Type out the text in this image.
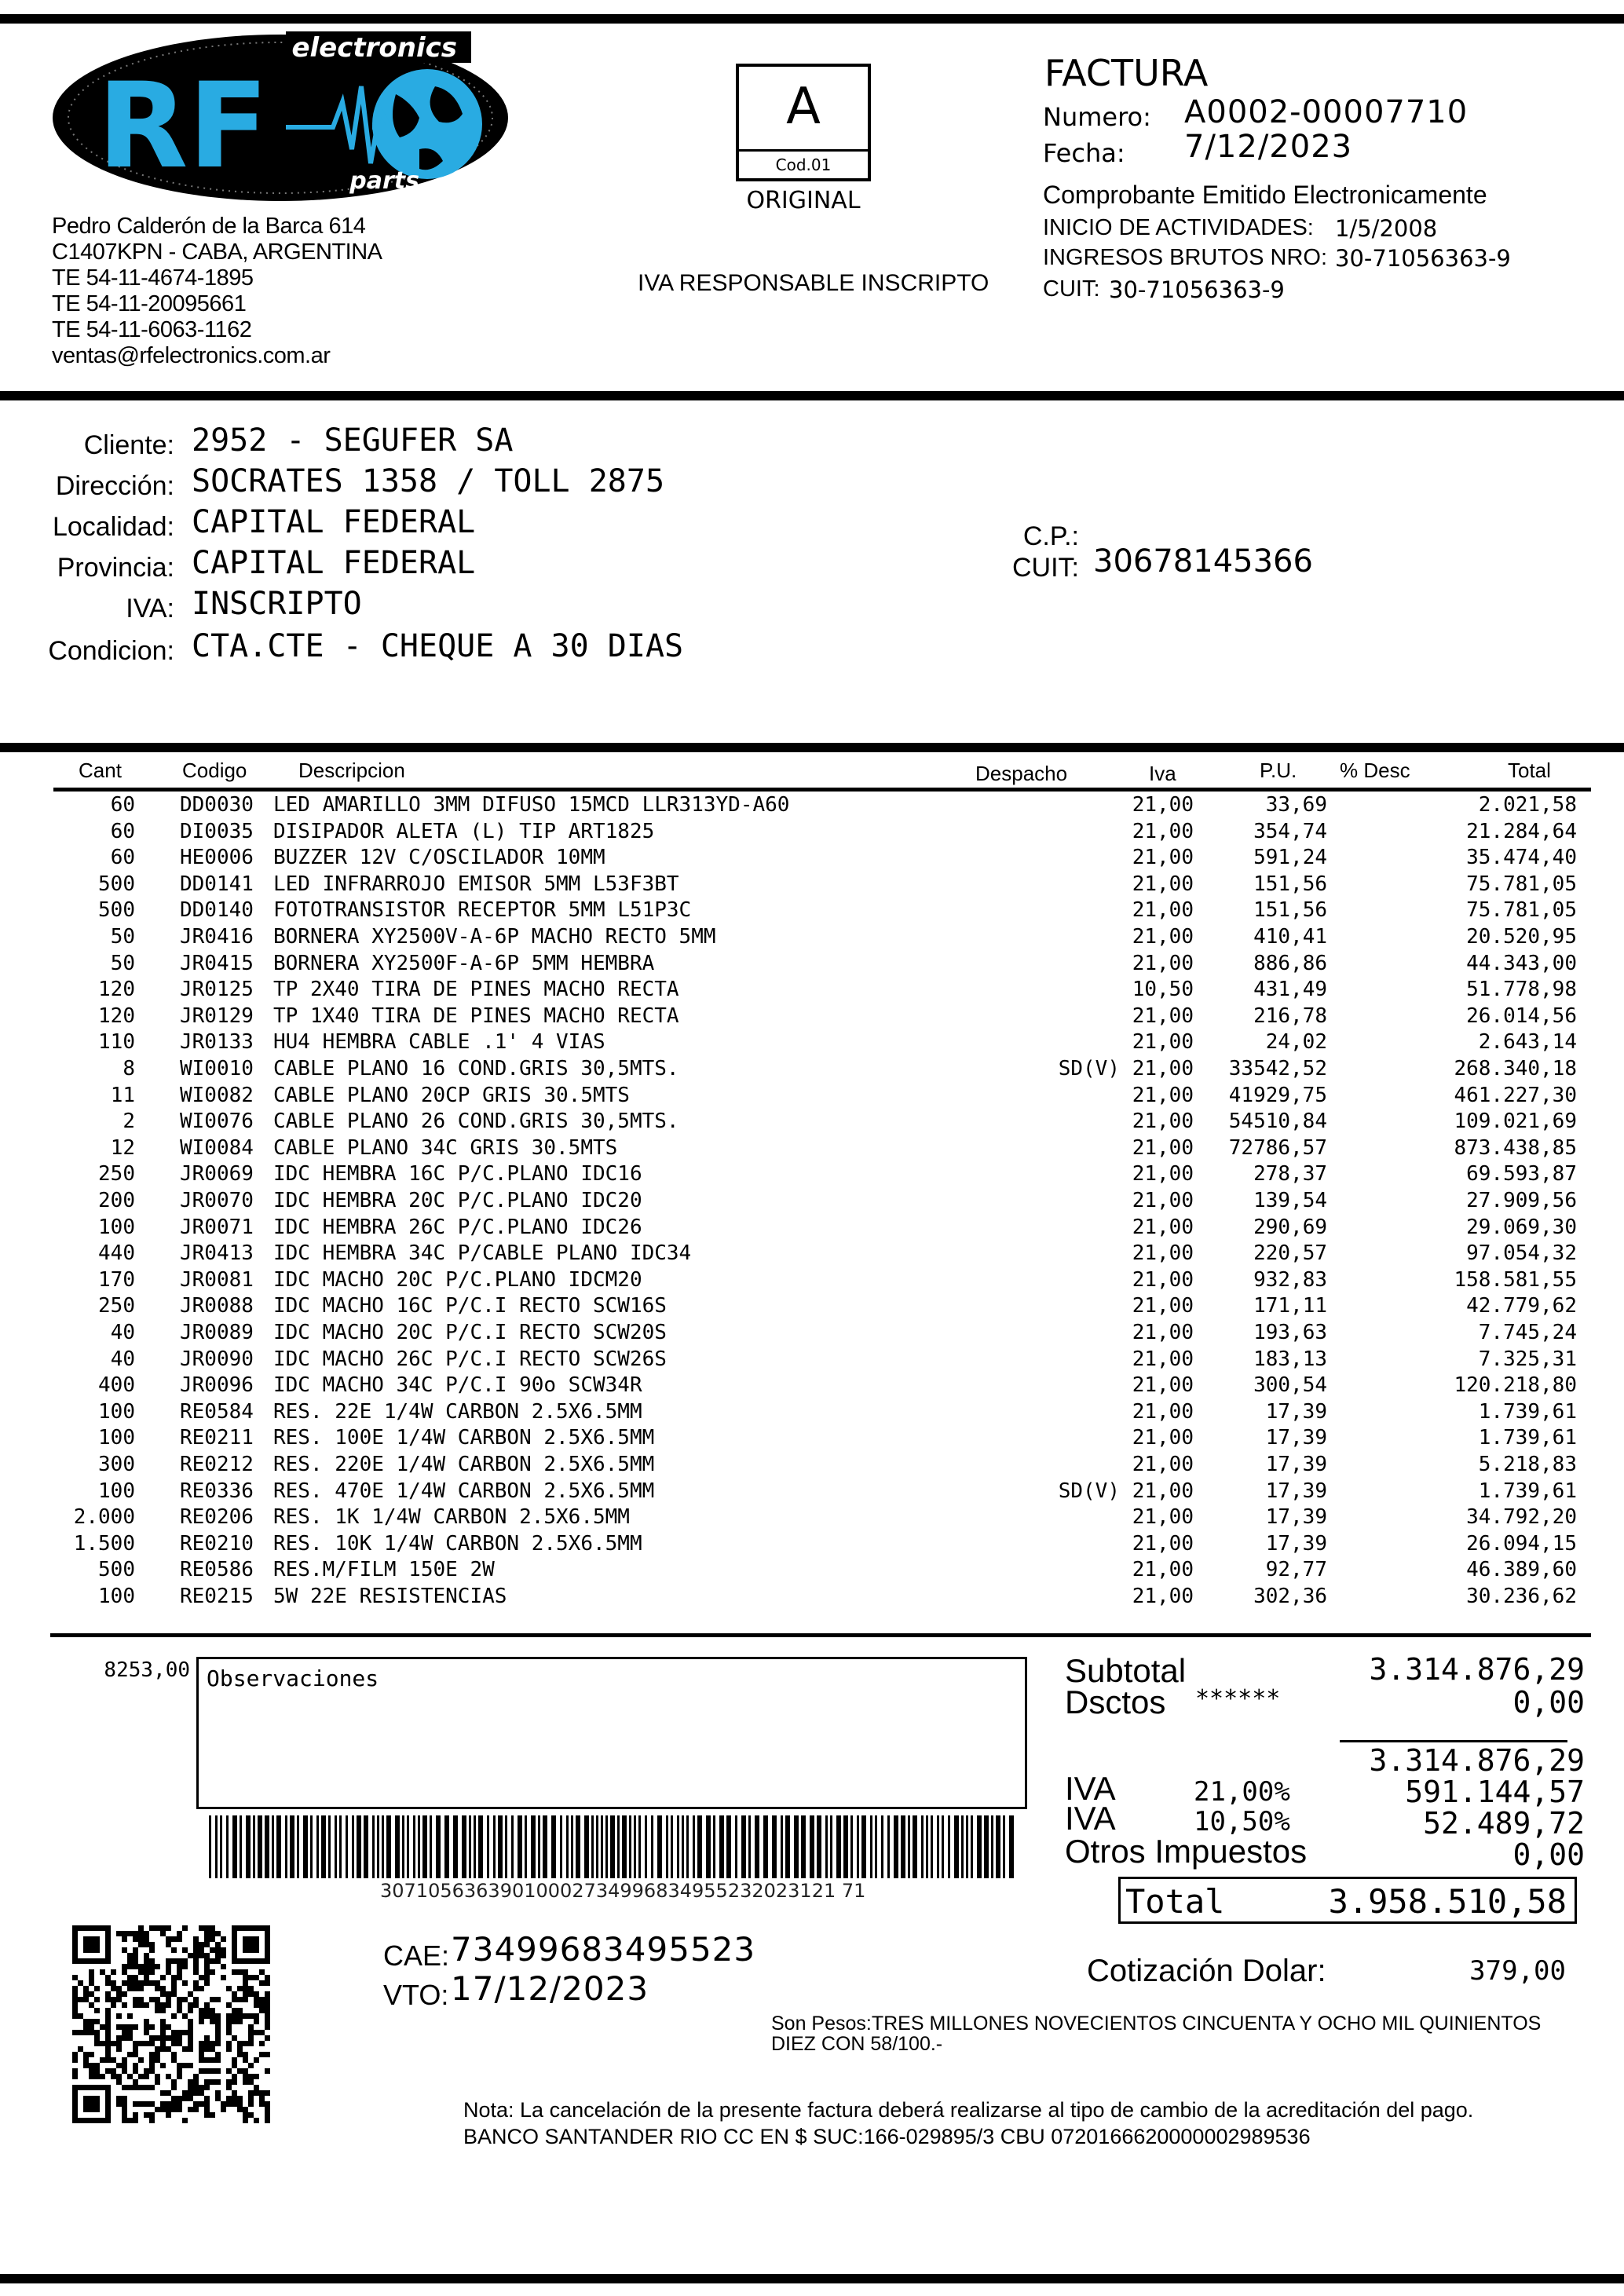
RF
electronics
parts
Pedro Calderón de la Barca 614
C1407KPN - CABA, ARGENTINA
TE 54-11-4674-1895
TE 54-11-20095661
TE 54-11-6063-1162
ventas@rfelectronics.com.ar
A
Cod.01
ORIGINAL
IVA RESPONSABLE INSCRIPTO
FACTURA
Numero: A0002-00007710
Fecha: 7/12/2023
Comprobante Emitido Electronicamente
INICIO DE ACTIVIDADES: 1/5/2008
INGRESOS BRUTOS NRO: 30-71056363-9
CUIT: 30-71056363-9
Cliente: 2952 - SEGUFER SA
Dirección: SOCRATES 1358 / TOLL 2875
Localidad: CAPITAL FEDERAL
Provincia: CAPITAL FEDERAL
IVA: INSCRIPTO
Condicion: CTA.CTE - CHEQUE A 30 DIAS
C.P.:
CUIT: 30678145366
Cant	Codigo	Descripcion	Despacho	Iva	P.U. % Desc	Total
60 DD0030 LED AMARILLO 3MM DIFUSO 15MCD LLR313YD-A60	21,00	33,69	2.021,58
60 DI0035 DISIPADOR ALETA (L) TIP ART1825	21,00	354,74	21.284,64
60 HE0006 BUZZER 12V C/OSCILADOR 10MM	21,00	591,24	35.474,40
500 DD0141 LED INFRARROJO EMISOR 5MM L53F3BT	21,00	151,56	75.781,05
500 DD0140 FOTOTRANSISTOR RECEPTOR 5MM L51P3C	21,00	151,56	75.781,05
50 JR0416 BORNERA XY2500V-A-6P MACHO RECTO 5MM	21,00	410,41	20.520,95
50 JR0415 BORNERA XY2500F-A-6P 5MM HEMBRA	21,00	886,86	44.343,00
120 JR0125 TP 2X40 TIRA DE PINES MACHO RECTA	10,50	431,49	51.778,98
120 JR0129 TP 1X40 TIRA DE PINES MACHO RECTA	21,00	216,78	26.014,56
110 JR0133 HU4 HEMBRA CABLE .1' 4 VIAS	21,00	24,02	2.643,14
8 WI0010 CABLE PLANO 16 COND.GRIS 30,5MTS.	SD(V) 21,00 33542,52	268.340,18
11 WI0082 CABLE PLANO 20CP GRIS 30.5MTS	21,00 41929,75	461.227,30
2 WI0076 CABLE PLANO 26 COND.GRIS 30,5MTS.	21,00 54510,84	109.021,69
12 WI0084 CABLE PLANO 34C GRIS 30.5MTS	21,00 72786,57	873.438,85
250 JR0069 IDC HEMBRA 16C P/C.PLANO IDC16	21,00	278,37	69.593,87
200 JR0070 IDC HEMBRA 20C P/C.PLANO IDC20	21,00	139,54	27.909,56
100 JR0071 IDC HEMBRA 26C P/C.PLANO IDC26	21,00	290,69	29.069,30
440 JR0413 IDC HEMBRA 34C P/CABLE PLANO IDC34	21,00	220,57	97.054,32
170 JR0081 IDC MACHO 20C P/C.PLANO IDCM20	21,00	932,83	158.581,55
250 JR0088 IDC MACHO 16C P/C.I RECTO SCW16S	21,00	171,11	42.779,62
40 JR0089 IDC MACHO 20C P/C.I RECTO SCW20S	21,00	193,63	7.745,24
40 JR0090 IDC MACHO 26C P/C.I RECTO SCW26S	21,00	183,13	7.325,31
400 JR0096 IDC MACHO 34C P/C.I 90o SCW34R	21,00	300,54	120.218,80
100 RE0584 RES. 22E 1/4W CARBON 2.5X6.5MM	21,00	17,39	1.739,61
100 RE0211 RES. 100E 1/4W CARBON 2.5X6.5MM	21,00	17,39	1.739,61
300 RE0212 RES. 220E 1/4W CARBON 2.5X6.5MM	21,00	17,39	5.218,83
100 RE0336 RES. 470E 1/4W CARBON 2.5X6.5MM	SD(V) 21,00	17,39	1.739,61
2.000 RE0206 RES. 1K 1/4W CARBON 2.5X6.5MM	21,00	17,39	34.792,20
1.500 RE0210 RES. 10K 1/4W CARBON 2.5X6.5MM	21,00	17,39	26.094,15
500 RE0586 RES.M/FILM 150E 2W	21,00	92,77	46.389,60
100 RE0215 5W 22E RESISTENCIAS	21,00	302,36	30.236,62
8253,00 Observaciones
30710563639010002734996834955232023121 71
CAE: 73499683495523
VTO: 17/12/2023
Subtotal	3.314.876,29
Dsctos ******	0,00
3.314.876,29
IVA	21,00%	591.144,57
IVA	10,50%	52.489,72
Otros Impuestos	0,00
Total	3.958.510,58
Cotización Dolar:	379,00
Son Pesos:TRES MILLONES NOVECIENTOS CINCUENTA Y OCHO MIL QUINIENTOS DIEZ CON 58/100.-
Nota: La cancelación de la presente factura deberá realizarse al tipo de cambio de la acreditación del pago.
BANCO SANTANDER RIO CC EN $ SUC:166-029895/3 CBU 0720166620000002989536
